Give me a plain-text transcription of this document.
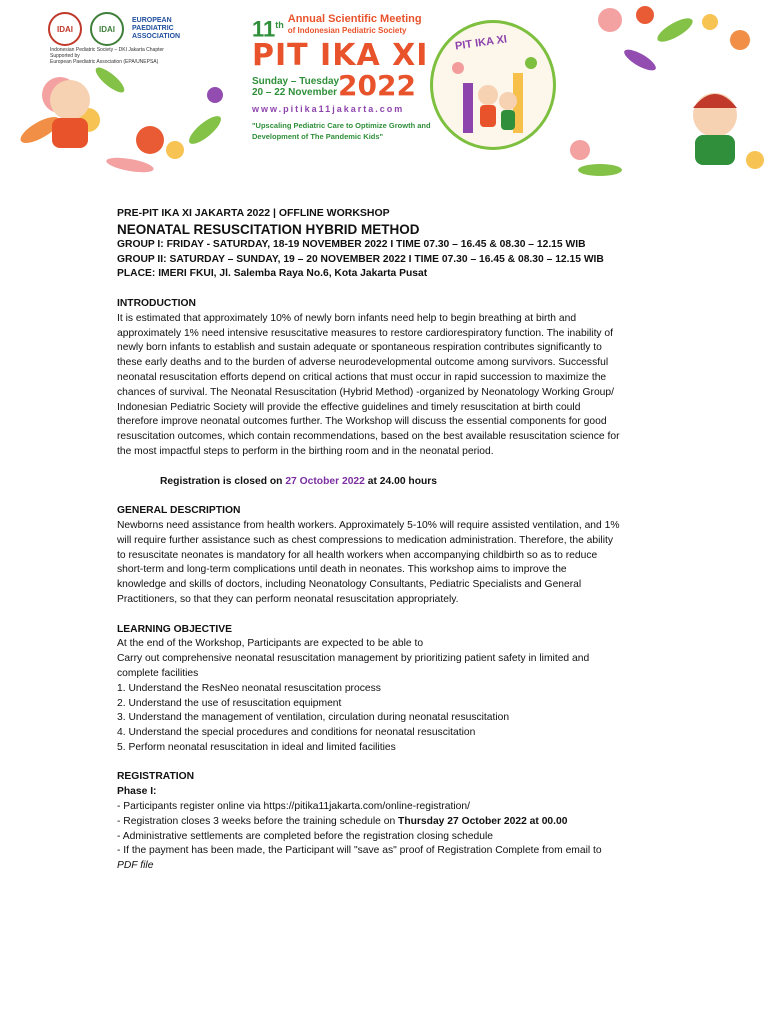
IDAI	IDAI
EUROPEAN
PAEDIATRIC
ASSOCIATION
Indonesian Pediatric Society – DKI Jakarta Chapter
Supported by
European Paediatric Association (EPA/UNEPSA)
11th Annual Scientific Meeting
of Indonesian Pediatric Society
PIT IKA XI
Sunday – Tuesday
20 – 22 November 2022
www.pitika11jakarta.com
"Upscaling Pediatric Care to Optimize Growth and Development of The Pandemic Kids"
PIT IKA XI

PRE-PIT IKA XI JAKARTA 2022 | OFFLINE WORKSHOP

NEONATAL RESUSCITATION HYBRID METHOD

GROUP I: FRIDAY - SATURDAY, 18-19 NOVEMBER 2022 I TIME 07.30 – 16.45 & 08.30 – 12.15 WIB

GROUP II: SATURDAY – SUNDAY, 19 – 20 NOVEMBER 2022 I TIME 07.30 – 16.45 & 08.30 – 12.15 WIB

PLACE: IMERI FKUI, Jl. Salemba Raya No.6, Kota Jakarta Pusat

INTRODUCTION

It is estimated that approximately 10% of newly born infants need help to begin breathing at birth and

approximately 1% need intensive resuscitative measures to restore cardiorespiratory function. The inability of

newly born infants to establish and sustain adequate or spontaneous respiration contributes significantly to

these early deaths and to the burden of adverse neurodevelopmental outcome among survivors. Successful

neonatal resuscitation efforts depend on critical actions that must occur in rapid succession to maximize the

chances of survival. The Neonatal Resuscitation (Hybrid Method) -organized by Neonatology Working Group/

Indonesian Pediatric Society will provide the effective guidelines and timely resuscitation at birth could

therefore improve neonatal outcomes further. The Workshop will discuss the essential components for good

resuscitation outcomes, which contain recommendations, based on the best available resuscitation science for

the most impactful steps to perform in the birthing room and in the neonatal period.

Registration is closed on 27 October 2022 at 24.00 hours

GENERAL DESCRIPTION

Newborns need assistance from health workers. Approximately 5-10% will require assisted ventilation, and 1%

will require further assistance such as chest compressions to medication administration. Therefore, the ability

to resuscitate neonates is mandatory for all health workers when accompanying childbirth so as to reduce

short-term and long-term complications until death in neonates. This workshop aims to improve the

knowledge and skills of doctors, including Neonatology Consultants, Pediatric Specialists and General

Practitioners, so that they can perform neonatal resuscitation appropriately.

LEARNING OBJECTIVE

At the end of the Workshop, Participants are expected to be able to

Carry out comprehensive neonatal resuscitation management by prioritizing patient safety in limited and

complete facilities

1. Understand the ResNeo neonatal resuscitation process
2. Understand the use of resuscitation equipment
3. Understand the management of ventilation, circulation during neonatal resuscitation
4. Understand the special procedures and conditions for neonatal resuscitation
5. Perform neonatal resuscitation in ideal and limited facilities

REGISTRATION

Phase I:

- Participants register online via https://pitika11jakarta.com/online-registration/

- Registration closes 3 weeks before the training schedule on Thursday 27 October 2022 at 00.00

- Administrative settlements are completed before the registration closing schedule

- If the payment has been made, the Participant will "save as" proof of Registration Complete from email to

PDF file
